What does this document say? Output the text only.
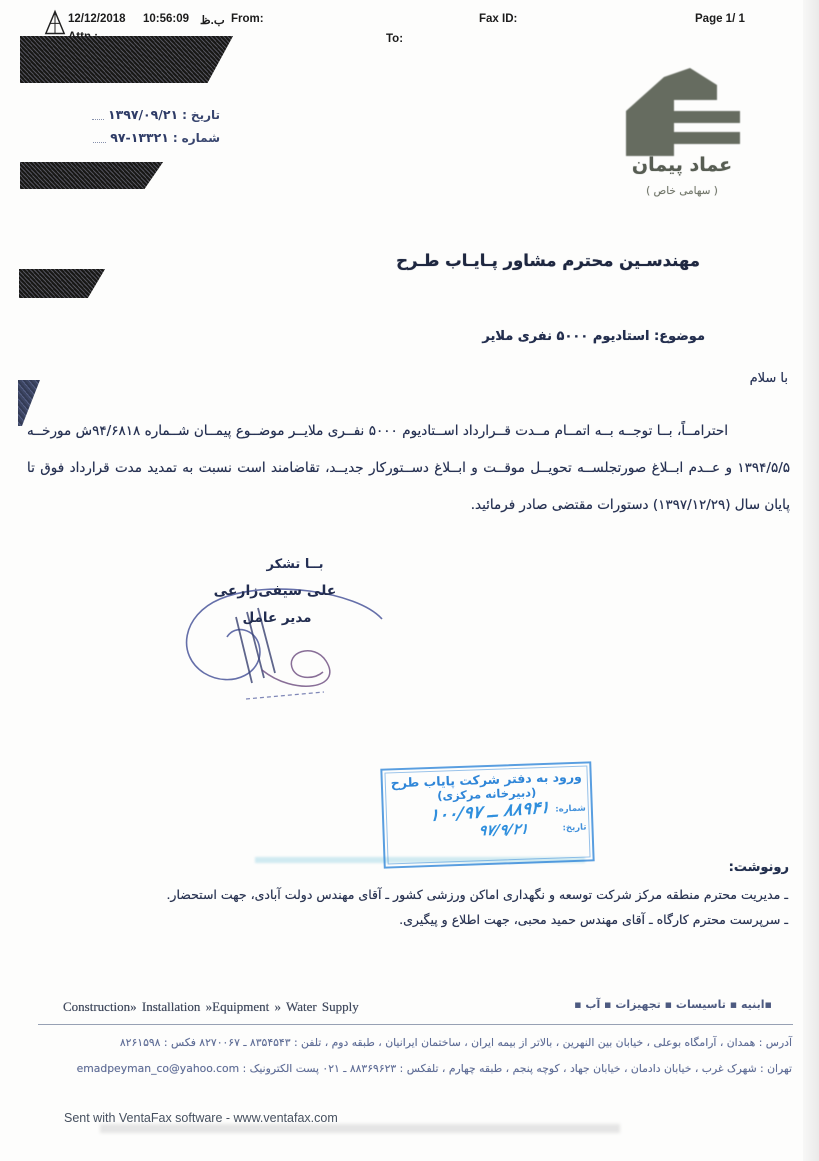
12/12/2018 10:56:09 ب.ظ From:	Fax ID:	Page 1/ 1
To:
عماد پیمان
( سهامی خاص )
تاریخ
:
۱۳۹۷/۰۹/۲۱
شماره
:
۹۷-۱۳۳۲۱
مهندسـین محترم مشاور پـایـاب طـرح
موضوع: استادیوم ۵۰۰۰ نفری ملایر
با سلام
احترامــاً، بــا توجــه بــه اتمــام مــدت قــرارداد اســتادیوم ۵۰۰۰ نفــری ملایــر موضــوع پیمــان شــماره ۹۴/۶۸۱۸ش مورخــه ۱۳۹۴/۵/۵ و عــدم ابــلاغ صورتجلســه تحویــل موقــت و ابــلاغ دســتورکار جدیــد، تقاضامند است نسبت به تمدید مدت قرارداد فوق تا پایان سال (۱۳۹۷/۱۲/۲۹) دستورات مقتضی صادر فرمائید.
بــا تشکر
علی سیفی‌زارعی
مدیر عامل
ورود به دفتر شرکت پایاب طرح
(دبیرخانه مرکزی)
شماره:
۱۰۰/۹۷ ــ ۸۸۹۴۱
تاریخ:
۹۷/۹/۲۱
رونوشت:
ـ مدیریت محترم منطقه مرکز شرکت توسعه و نگهداری اماکن ورزشی کشور ـ آقای مهندس دولت آبادی، جهت استحضار.
ـ سرپرست محترم کارگاه ـ آقای مهندس حمید محبی، جهت اطلاع و پیگیری.
Construction» Installation »Equipment » Water Supply	▪ابنیه ▪ تاسیسات ▪ تجهیزات ▪ آب ▪
آدرس : همدان ، آرامگاه بوعلی ، خیابان بین النهرین ، بالاتر از بیمه ایران ، ساختمان ایرانیان ، طبقه دوم ، تلفن : ۸۳۵۴۵۴۳ ـ ۸۲۷۰۰۶۷ فکس : ۸۲۶۱۵۹۸
تهران : شهرک غرب ، خیابان دادمان ، خیابان جهاد ، کوچه پنجم ، طبقه چهارم ، تلفکس : ۸۸۳۶۹۶۲۳ ـ ۰۲۱ پست الکترونیک : emadpeyman_co@yahoo.com
Sent with VentaFax software - www.ventafax.com
